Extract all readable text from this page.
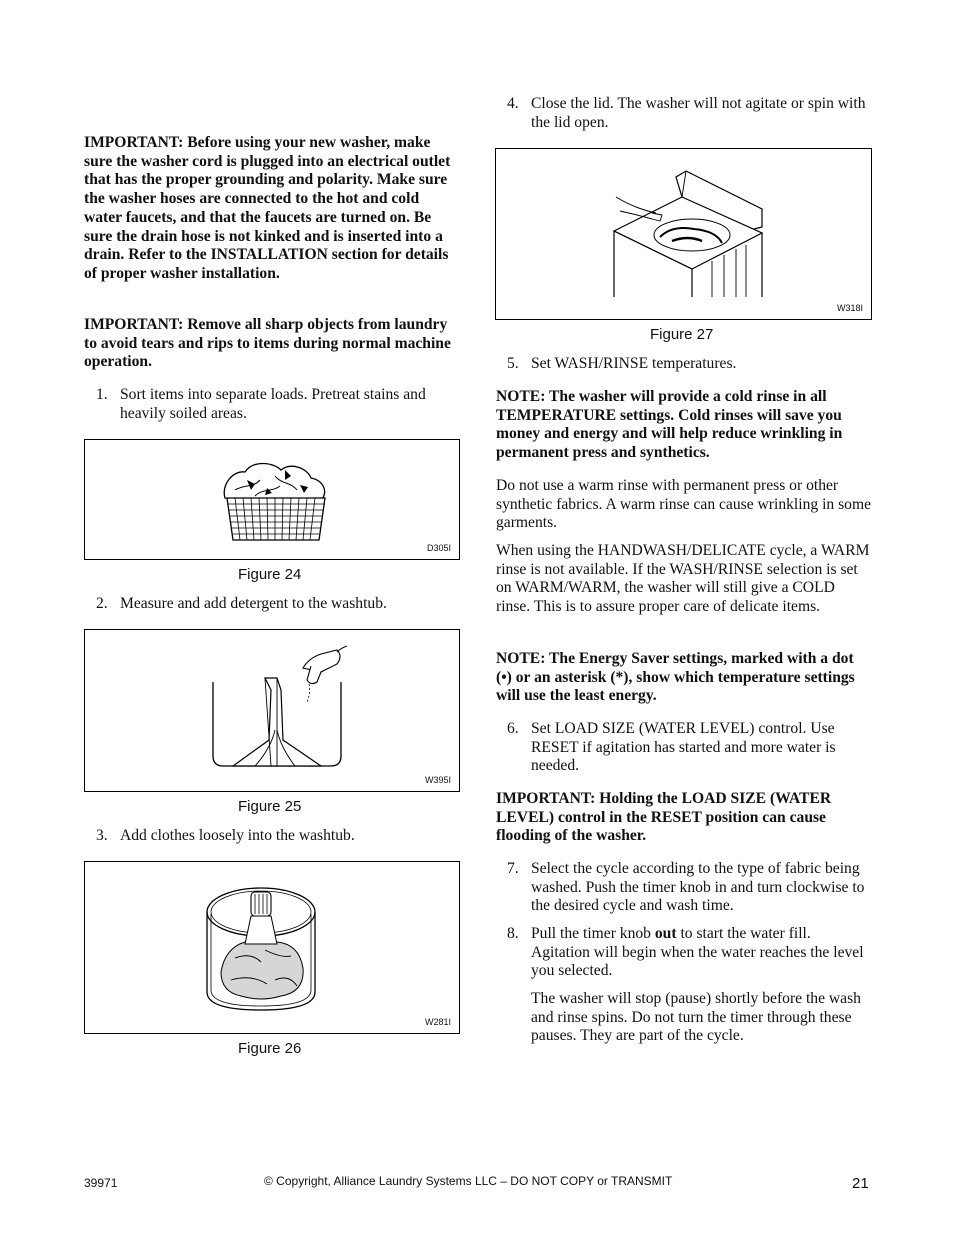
IMPORTANT: Before using your new washer, make sure the washer cord is plugged into an electrical outlet that has the proper grounding and polarity. Make sure the washer hoses are connected to the hot and cold water faucets, and that the faucets are turned on. Be sure the drain hose is not kinked and is inserted into a drain. Refer to the INSTALLATION section for details of proper washer installation.

IMPORTANT: Remove all sharp objects from laundry to avoid tears and rips to items during normal machine operation.

1. Sort items into separate loads. Pretreat stains and heavily soiled areas.

D305I
Figure 24
2. Measure and add detergent to the washtub.

W395I
Figure 25
3. Add clothes loosely into the washtub.

W281I
Figure 26
4. Close the lid. The washer will not agitate or spin with the lid open.

W318I
Figure 27
5. Set WASH/RINSE temperatures.

NOTE: The washer will provide a cold rinse in all TEMPERATURE settings. Cold rinses will save you money and energy and will help reduce wrinkling in permanent press and synthetics.

Do not use a warm rinse with permanent press or other synthetic fabrics. A warm rinse can cause wrinkling in some garments.

When using the HANDWASH/DELICATE cycle, a WARM rinse is not available. If the WASH/RINSE selection is set on WARM/WARM, the washer will still give a COLD rinse. This is to assure proper care of delicate items.

NOTE: The Energy Saver settings, marked with a dot (•) or an asterisk (*), show which temperature settings will use the least energy.

6. Set LOAD SIZE (WATER LEVEL) control. Use RESET if agitation has started and more water is needed.

IMPORTANT: Holding the LOAD SIZE (WATER LEVEL) control in the RESET position can cause flooding of the washer.

7. Select the cycle according to the type of fabric being washed. Push the timer knob in and turn clockwise to the desired cycle and wash time.

8. Pull the timer knob out to start the water fill. Agitation will begin when the water reaches the level you selected.

The washer will stop (pause) shortly before the wash and rinse spins. Do not turn the timer through these pauses. They are part of the cycle.

39971	© Copyright, Alliance Laundry Systems LLC – DO NOT COPY or TRANSMIT	21
